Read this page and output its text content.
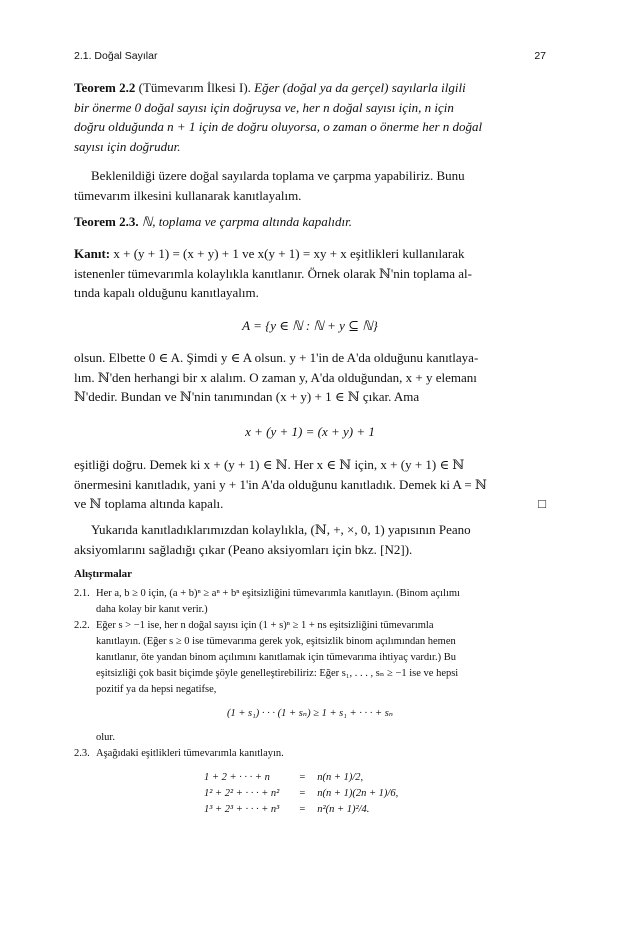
2.1. Doğal Sayılar	27
Teorem 2.2 (Tümevarım İlkesi I). Eğer (doğal ya da gerçel) sayılarla ilgili
bir önerme 0 doğal sayısı için doğruysa ve, her n doğal sayısı için, n için
doğru olduğunda n + 1 için de doğru oluyorsa, o zaman o önerme her n doğal
sayısı için doğrudur.
Beklenildiği üzere doğal sayılarda toplama ve çarpma yapabiliriz. Bunu
tümevarım ilkesini kullanarak kanıtlayalım.
Teorem 2.3. ℕ, toplama ve çarpma altında kapalıdır.
Kanıt: x + (y + 1) = (x + y) + 1 ve x(y + 1) = xy + x eşitlikleri kullanılarak
istenenler tümevarımla kolaylıkla kanıtlanır. Örnek olarak ℕ'nin toplama al-
tında kapalı olduğunu kanıtlayalım.
A = {y ∈ ℕ : ℕ + y ⊆ ℕ}
olsun. Elbette 0 ∈ A. Şimdi y ∈ A olsun. y + 1'in de A'da olduğunu kanıtlaya-
lım. ℕ'den herhangi bir x alalım. O zaman y, A'da olduğundan, x + y elemanı
ℕ'dedir. Bundan ve ℕ'nin tanımından (x + y) + 1 ∈ ℕ çıkar. Ama
x + (y + 1) = (x + y) + 1
eşitliği doğru. Demek ki x + (y + 1) ∈ ℕ. Her x ∈ ℕ için, x + (y + 1) ∈ ℕ
önermesini kanıtladık, yani y + 1'in A'da olduğunu kanıtladık. Demek ki A = ℕ
ve ℕ toplama altında kapalı.	□
Yukarıda kanıtladıklarımızdan kolaylıkla, (ℕ, +, ×, 0, 1) yapısının Peano
aksiyomlarını sağladığı çıkar (Peano aksiyomları için bkz. [N2]).
Alıştırmalar
2.1. Her a, b ≥ 0 için, (a + b)ⁿ ≥ aⁿ + bⁿ eşitsizliğini tümevarımla kanıtlayın. (Binom açılımı
daha kolay bir kanıt verir.)
2.2. Eğer s > −1 ise, her n doğal sayısı için (1 + s)ⁿ ≥ 1 + ns eşitsizliğini tümevarımla
kanıtlayın. (Eğer s ≥ 0 ise tümevarıma gerek yok, eşitsizlik binom açılımından hemen
kanıtlanır, öte yandan binom açılımını kanıtlamak için tümevarıma ihtiyaç vardır.) Bu
eşitsizliği çok basit biçimde şöyle genelleştirebiliriz: Eğer s₁, . . . , sₙ ≥ −1 ise ve hepsi
pozitif ya da hepsi negatifse,
(1 + s₁) · · · (1 + sₙ) ≥ 1 + s₁ + · · · + sₙ
olur.
2.3. Aşağıdaki eşitlikleri tümevarımla kanıtlayın.
1 + 2 + · · · + n	=	n(n + 1)/2,
1² + 2² + · · · + n²	=	n(n + 1)(2n + 1)/6,
1³ + 2³ + · · · + n³	=	n²(n + 1)²/4.
